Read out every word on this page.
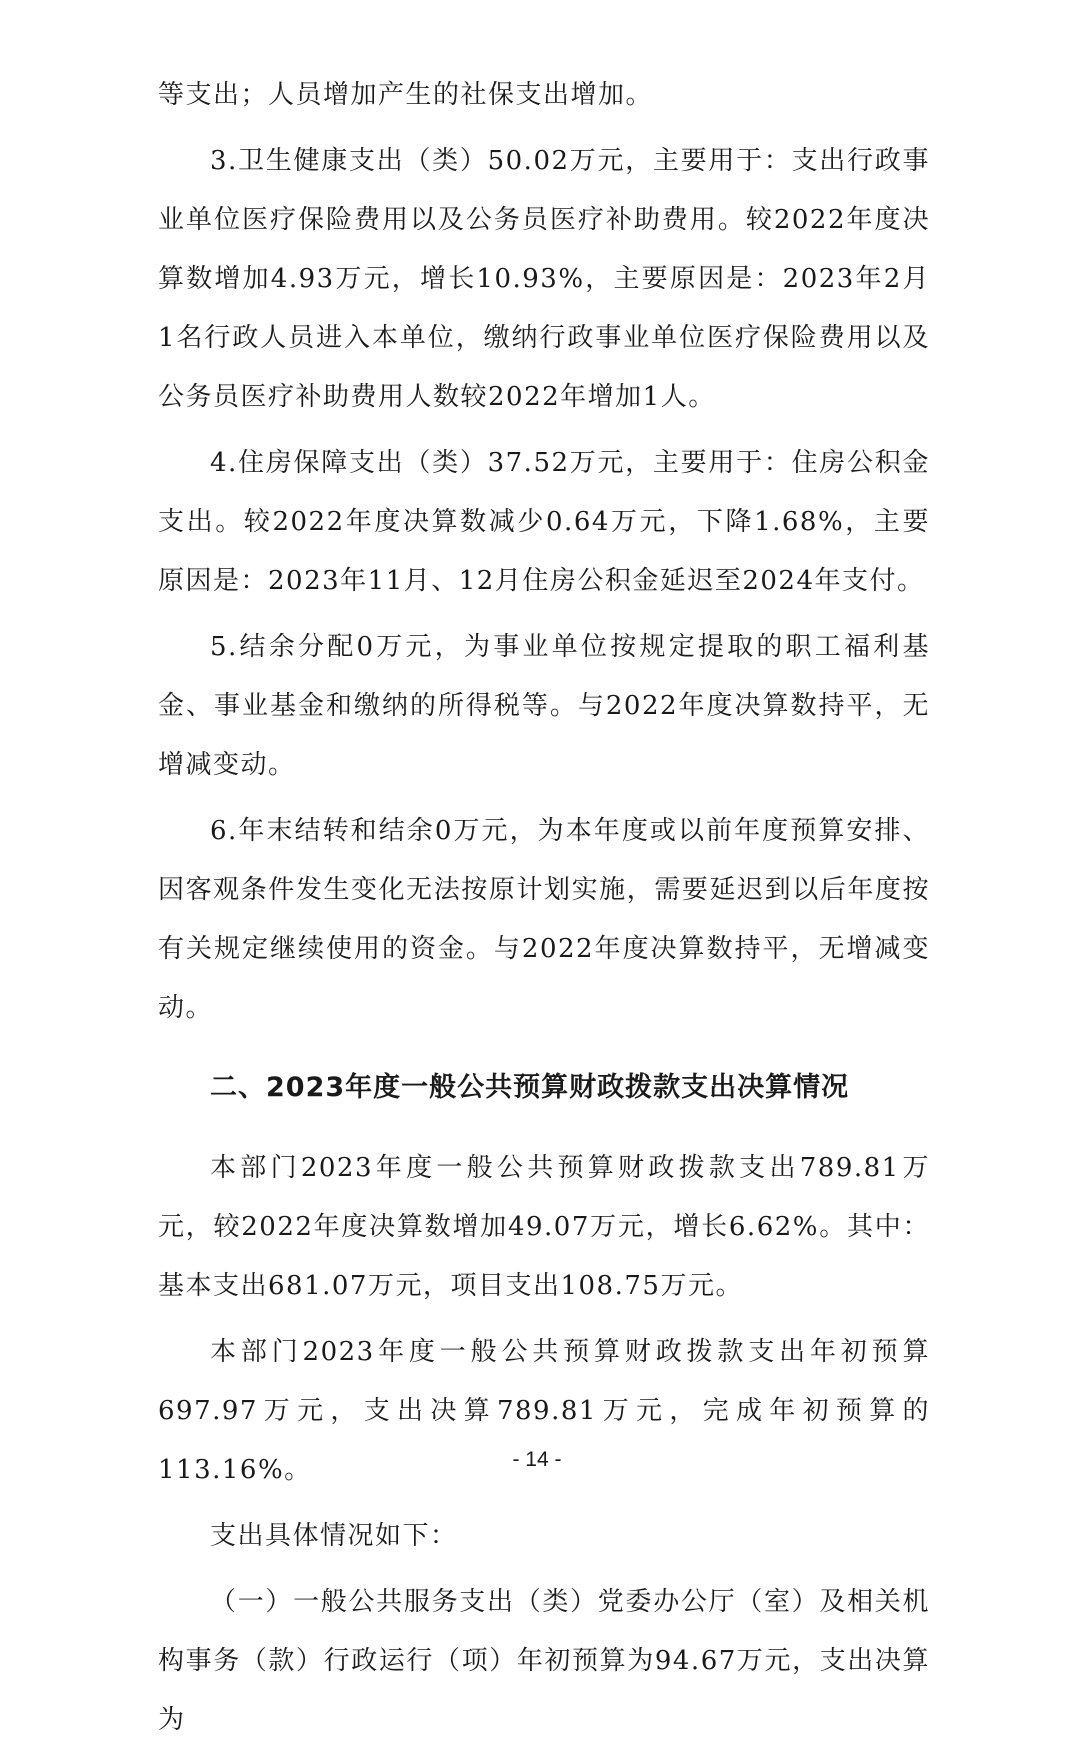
等支出；人员增加产生的社保支出增加。

3.卫生健康支出（类）50.02万元，主要用于：支出行政事业单位医疗保险费用以及公务员医疗补助费用。较2022年度决算数增加4.93万元，增长10.93%，主要原因是：2023年2月1名行政人员进入本单位，缴纳行政事业单位医疗保险费用以及公务员医疗补助费用人数较2022年增加1人。

4.住房保障支出（类）37.52万元，主要用于：住房公积金支出。较2022年度决算数减少0.64万元，下降1.68%，主要原因是：2023年11月、12月住房公积金延迟至2024年支付。

5.结余分配0万元，为事业单位按规定提取的职工福利基金、事业基金和缴纳的所得税等。与2022年度决算数持平，无增减变动。

6.年末结转和结余0万元，为本年度或以前年度预算安排、因客观条件发生变化无法按原计划实施，需要延迟到以后年度按有关规定继续使用的资金。与2022年度决算数持平，无增减变动。

二、2023年度一般公共预算财政拨款支出决算情况

本部门2023年度一般公共预算财政拨款支出789.81万元，较2022年度决算数增加49.07万元，增长6.62%。其中：基本支出681.07万元，项目支出108.75万元。

本部门2023年度一般公共预算财政拨款支出年初预算697.97万元，支出决算789.81万元，完成年初预算的113.16%。

支出具体情况如下：

（一）一般公共服务支出（类）党委办公厅（室）及相关机构事务（款）行政运行（项）年初预算为94.67万元，支出决算为

- 14 -
